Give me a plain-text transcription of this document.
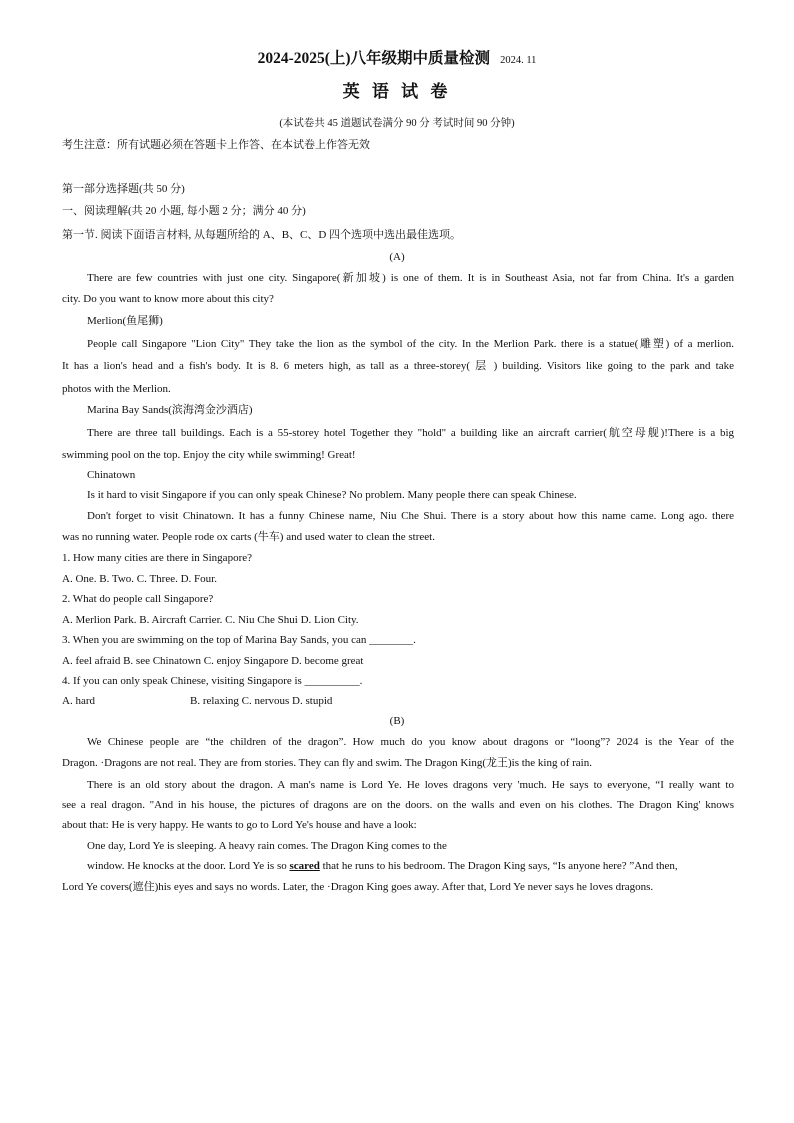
2024-2025(上)八年级期中质量检测 2024. 11
英 语 试 卷
(本试卷共 45 道题试卷满分 90 分 考试时间 90 分钟)
考生注意：所有试题必须在答题卡上作答、在本试卷上作答无效
第一部分选择题(共 50 分)
一、阅读理解(共 20 小题, 每小题 2 分；满分 40 分)
第一节. 阅读下面语言材料, 从每题所给的 A、B、C、D 四个选项中选出最佳选项。
(A)
There are few countries with just one city. Singapore(新加坡) is one of them. It is in Southeast Asia, not far from China. It's a garden
city. Do you want to know more about this city?
Merlion(鱼尾狮)
People call Singapore "Lion City" They take the lion as the symbol of the city. In the Merlion Park. there is a statue(雕塑) of a merlion.
It has a lion's head and a fish's body. It is 8. 6 meters high, as tall as a three-storey( 层 ) building. Visitors like going to the park and take
photos with the Merlion.
Marina Bay Sands(滨海湾金沙酒店)
There are three tall buildings. Each is a 55-storey hotel Together they "hold" a building like an aircraft carrier(航空母舰)!There is a big
swimming pool on the top. Enjoy the city while swimming! Great!
Chinatown
Is it hard to visit Singapore if you can only speak Chinese? No problem. Many people there can speak Chinese.
Don't forget to visit Chinatown. It has a funny Chinese name, Niu Che Shui. There is a story about how this name came. Long ago. there
was no running water. People rode ox carts (牛车) and used water to clean the street.
1. How many cities are there in Singapore?
A. One. B. Two. C. Three. D. Four.
2. What do people call Singapore?
A. Merlion Park. B. Aircraft Carrier. C. Niu Che Shui D. Lion City.
3. When you are swimming on the top of Marina Bay Sands, you can ________.
A. feel afraid B. see Chinatown C. enjoy Singapore D. become great
4. If you can only speak Chinese, visiting Singapore is __________.
A. hard	B. relaxing C. nervous D. stupid
(B)
We Chinese people are “the children of the dragon”. How much do you know about dragons or “loong”? 2024 is the Year of the
Dragon. ·Dragons are not real. They are from stories. They can fly and swim. The Dragon King(龙王)is the king of rain.
There is an old story about the dragon. A man's name is Lord Ye. He loves dragons very 'much. He says to everyone, “I really want to
see a real dragon. "And in his house, the pictures of dragons are on the doors. on the walls and even on his clothes. The Dragon King' knows
about that: He is very happy. He wants to go to Lord Ye's house and have a look:
One day, Lord Ye is sleeping. A heavy rain comes. The Dragon King comes to the
window. He knocks at the door. Lord Ye is so scared that he runs to his bedroom. The Dragon King says, “Is anyone here? ”And then,
Lord Ye covers(遮住)his eyes and says no words. Later, the ·Dragon King goes away. After that, Lord Ye never says he loves dragons.
